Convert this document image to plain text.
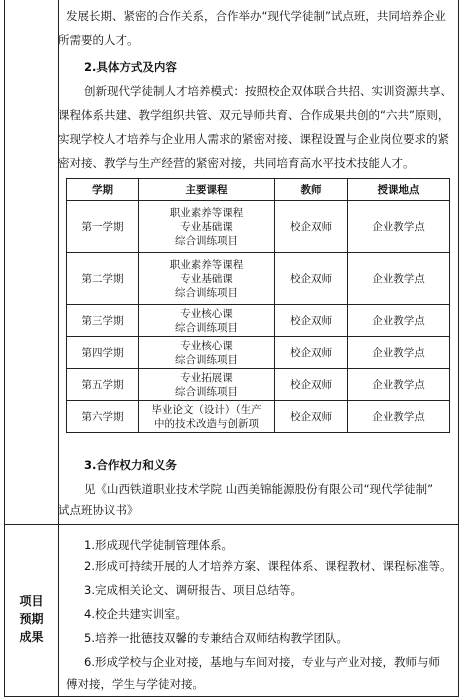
项目
预期
成果
发展长期、紧密的合作关系，合作举办“现代学徒制”试点班，共同培养企业
所需要的人才。
2.具体方式及内容
创新现代学徒制人才培养模式：按照校企双体联合共招、实训资源共享、
课程体系共建、教学组织共管、双元导师共育、合作成果共创的“六共”原则，
实现学校人才培养与企业用人需求的紧密对接、课程设置与企业岗位要求的紧
密对接、教学与生产经营的紧密对接，共同培育高水平技术技能人才。
学期	主要课程	教师	授课地点
第一学期	职业素养等课程
专业基础课
综合训练项目	校企双师	企业教学点
第二学期	职业素养等课程
专业基础课
综合训练项目	校企双师	企业教学点
第三学期	专业核心课
综合训练项目	校企双师	企业教学点
第四学期	专业核心课
综合训练项目	校企双师	企业教学点
第五学期	专业拓展课
综合训练项目	校企双师	企业教学点
第六学期	毕业论文（设计）（生产
中的技术改造与创新项	校企双师	企业教学点
3.合作权力和义务
见《山西铁道职业技术学院 山西美锦能源股份有限公司“现代学徒制”
试点班协议书》
1.形成现代学徒制管理体系。
2.形成可持续开展的人才培养方案、课程体系、课程教材、课程标准等。
3.完成相关论文、调研报告、项目总结等。
4.校企共建实训室。
5.培养一批德技双馨的专兼结合双师结构教学团队。
6.形成学校与企业对接，基地与车间对接，专业与产业对接，教师与师
傅对接，学生与学徒对接。
